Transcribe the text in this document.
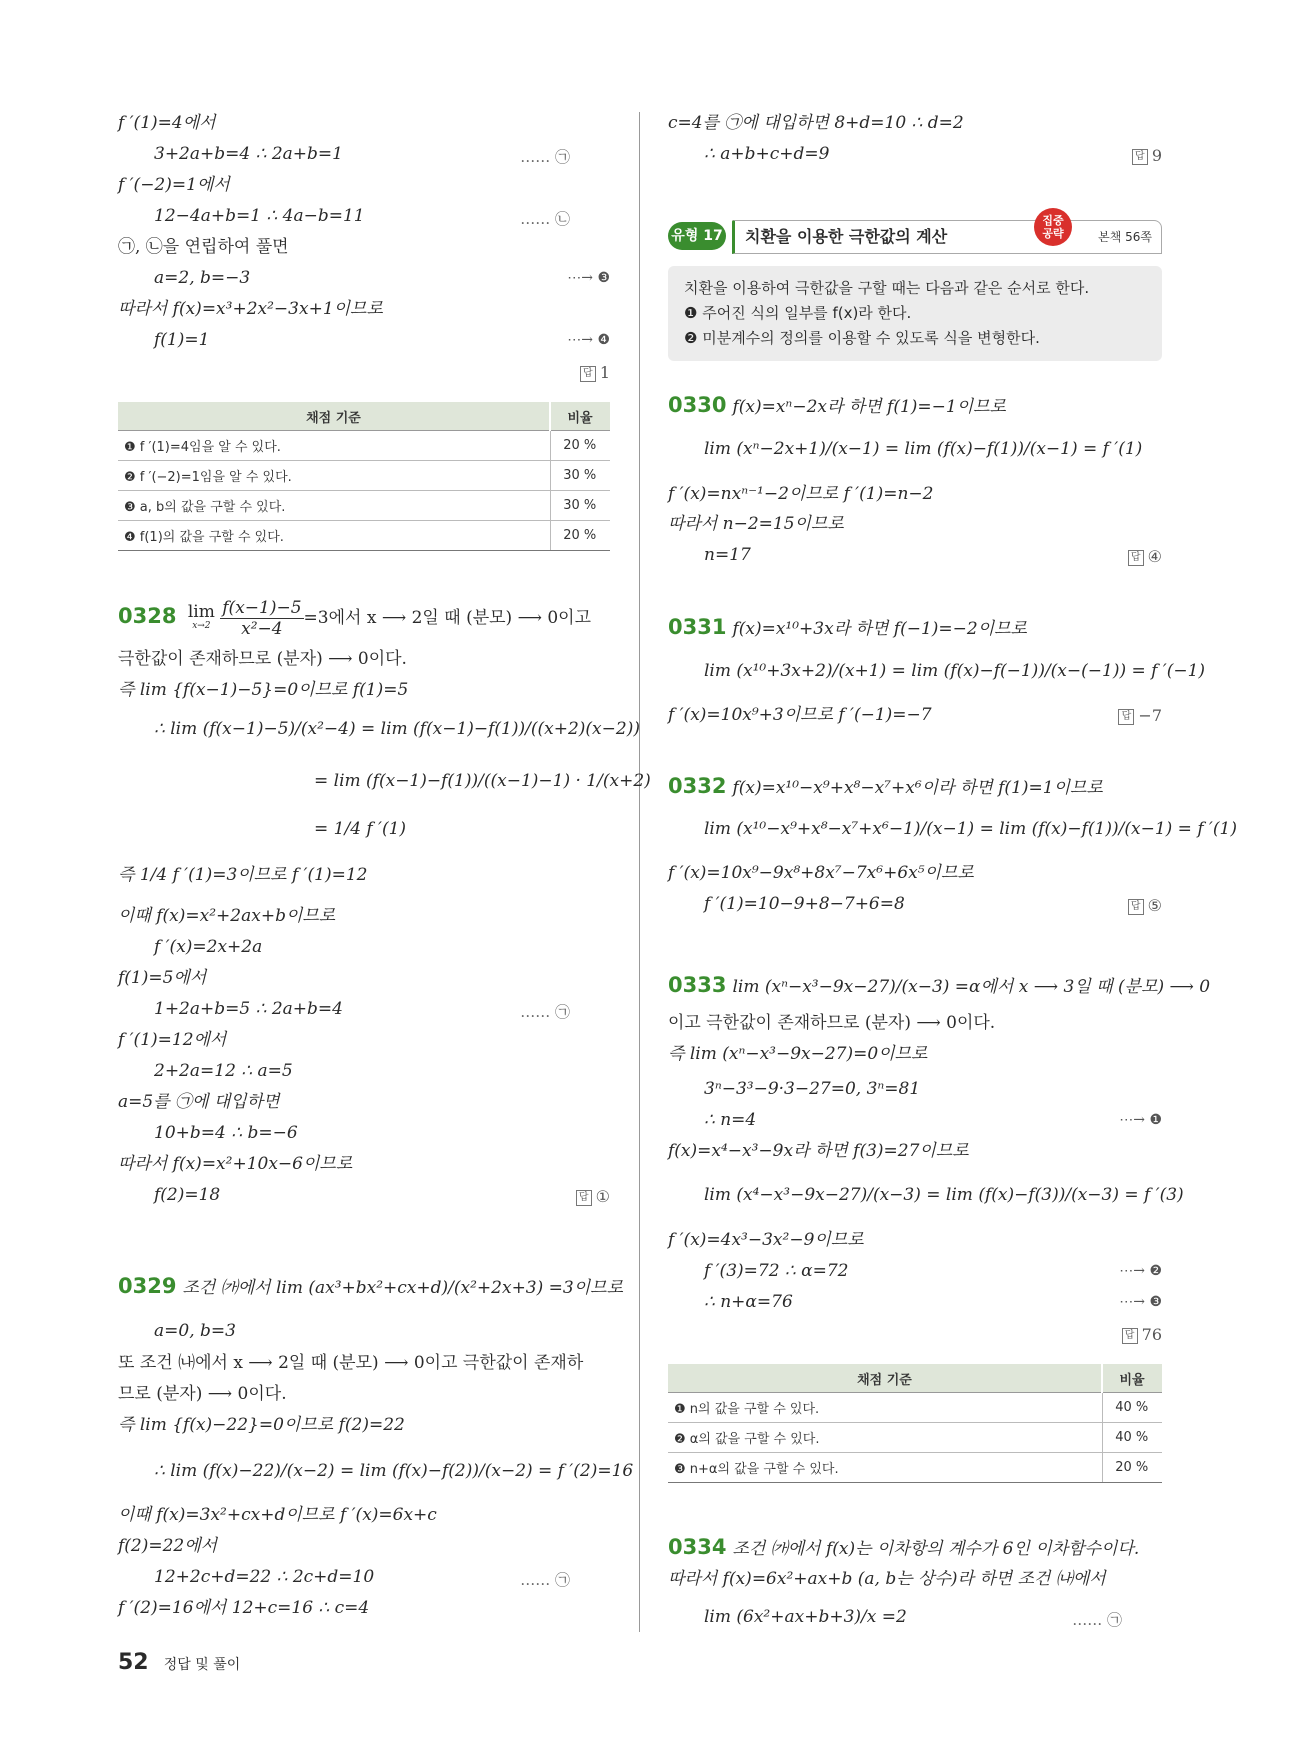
f ′(1)=4에서
3+2a+b=4 ∴ 2a+b=1	…… ㉠
f ′(−2)=1에서
12−4a+b=1 ∴ 4a−b=11	…… ㉡
㉠, ㉡을 연립하여 풀면
a=2, b=−3	⋯→ ❸
따라서 f(x)=x³+2x²−3x+1이므로
f(1)=1	⋯→ ❹
답 1
채점 기준	비율
❶ f ′(1)=4임을 알 수 있다.	20 %
❷ f ′(−2)=1임을 알 수 있다.	30 %
❸ a, b의 값을 구할 수 있다.	30 %
❹ f(1)의 값을 구할 수 있다.	20 %
0328 lim
x→2
$\frac{f(x-1)-5}{\text{x²−4}} =3$에서 x ⟶ 2일 때 (분모) ⟶ 0이고
극한값이 존재하므로 (분자) ⟶ 0이다.
즉 lim {f(x−1)−5}=0이므로 f(1)=5
∴ lim (f(x−1)−5)/(x²−4) = lim (f(x−1)−f(1))/((x+2)(x−2))
= lim (f(x−1)−f(1))/((x−1)−1) · 1/(x+2)
= 1/4 f ′(1)
즉 1/4 f ′(1)=3이므로 f ′(1)=12
이때 f(x)=x²+2ax+b이므로
f ′(x)=2x+2a
f(1)=5에서
1+2a+b=5 ∴ 2a+b=4	…… ㉠
f ′(1)=12에서
2+2a=12 ∴ a=5
a=5를 ㉠에 대입하면
10+b=4 ∴ b=−6
따라서 f(x)=x²+10x−6이므로
f(2)=18	답 ①
0329 조건 ㈎에서 lim (ax³+bx²+cx+d)/(x²+2x+3) =3이므로
a=0, b=3
또 조건 ㈏에서 x ⟶ 2일 때 (분모) ⟶ 0이고 극한값이 존재하
므로 (분자) ⟶ 0이다.
즉 lim {f(x)−22}=0이므로 f(2)=22
∴ lim (f(x)−22)/(x−2) = lim (f(x)−f(2))/(x−2) = f ′(2)=16
이때 f(x)=3x²+cx+d이므로 f ′(x)=6x+c
f(2)=22에서
12+2c+d=22 ∴ 2c+d=10	…… ㉠
f ′(2)=16에서 12+c=16 ∴ c=4
c=4를 ㉠에 대입하면 8+d=10 ∴ d=2
∴ a+b+c+d=9	답 9
유형 17	치환을 이용한 극한값의 계산
집중
공략	본책 56쪽
치환을 이용하여 극한값을 구할 때는 다음과 같은 순서로 한다.
❶ 주어진 식의 일부를 f(x)라 한다.
❷ 미분계수의 정의를 이용할 수 있도록 식을 변형한다.
0330 f(x)=xⁿ−2x라 하면 f(1)=−1이므로
lim (xⁿ−2x+1)/(x−1) = lim (f(x)−f(1))/(x−1) = f ′(1)
f ′(x)=nxⁿ⁻¹−2이므로 f ′(1)=n−2
따라서 n−2=15이므로
n=17	답 ④
0331 f(x)=x¹⁰+3x라 하면 f(−1)=−2이므로
lim (x¹⁰+3x+2)/(x+1) = lim (f(x)−f(−1))/(x−(−1)) = f ′(−1)
f ′(x)=10x⁹+3이므로 f ′(−1)=−7	답 −7
0332 f(x)=x¹⁰−x⁹+x⁸−x⁷+x⁶이라 하면 f(1)=1이므로
lim (x¹⁰−x⁹+x⁸−x⁷+x⁶−1)/(x−1) = lim (f(x)−f(1))/(x−1) = f ′(1)
f ′(x)=10x⁹−9x⁸+8x⁷−7x⁶+6x⁵이므로
f ′(1)=10−9+8−7+6=8	답 ⑤
0333 lim (xⁿ−x³−9x−27)/(x−3) =α에서 x ⟶ 3일 때 (분모) ⟶ 0
이고 극한값이 존재하므로 (분자) ⟶ 0이다.
즉 lim (xⁿ−x³−9x−27)=0이므로
3ⁿ−3³−9·3−27=0, 3ⁿ=81
∴ n=4	⋯→ ❶
f(x)=x⁴−x³−9x라 하면 f(3)=27이므로
lim (x⁴−x³−9x−27)/(x−3) = lim (f(x)−f(3))/(x−3) = f ′(3)
f ′(x)=4x³−3x²−9이므로
f ′(3)=72 ∴ α=72	⋯→ ❷
∴ n+α=76	⋯→ ❸
답 76
채점 기준	비율
❶ n의 값을 구할 수 있다.	40 %
❷ α의 값을 구할 수 있다.	40 %
❸ n+α의 값을 구할 수 있다.	20 %
0334 조건 ㈎에서 f(x)는 이차항의 계수가 6인 이차함수이다.
따라서 f(x)=6x²+ax+b (a, b는 상수)라 하면 조건 ㈏에서
lim (6x²+ax+b+3)/x =2	…… ㉠
52 정답 및 풀이
